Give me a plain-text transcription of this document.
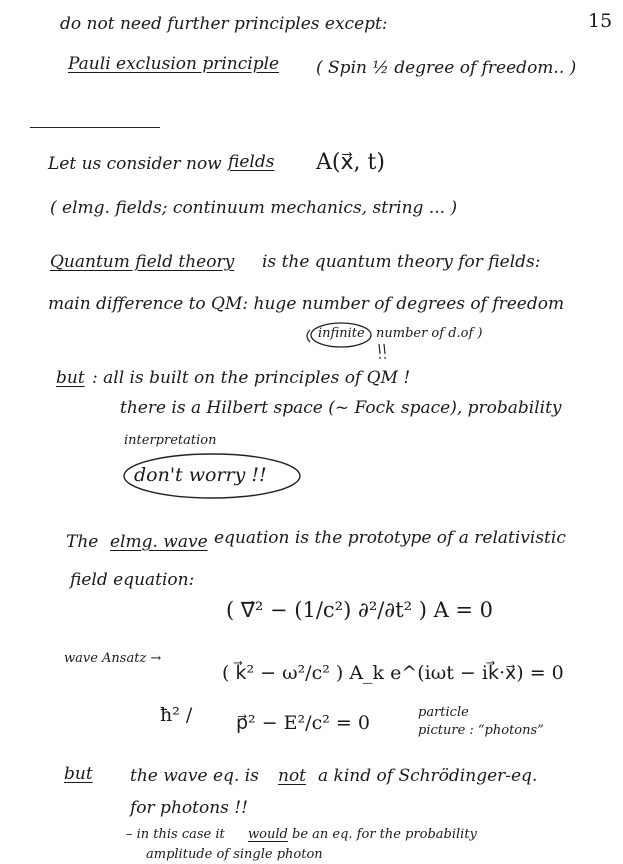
do not need further principles except:	15
Pauli exclusion principle ( Spin ½ degree of freedom.. )
Let us consider now fields A(x⃗, t)
( elmg. fields; continuum mechanics, string ... )
Quantum field theory is the quantum theory for fields:
main difference to QM: huge number of degrees of freedom
infinite number of d.of )
but : all is built on the principles of QM !
there is a Hilbert space (~ Fock space), probability
interpretation
don't worry !!
The elmg. wave equation is the prototype of a relativistic
field equation:
( ∇⃗² − (1/c²) ∂²/∂t² ) A = 0
wave Ansatz →
( k⃗² − ω²/c² ) A_k e^(iωt − ik⃗·x⃗) = 0
ħ² / p⃗² − E²/c² = 0	particle
picture : “photons”
but the wave eq. is not a kind of Schrödinger-eq.
for photons !!
– in this case it would be an eq. for the probability
amplitude of single photon
